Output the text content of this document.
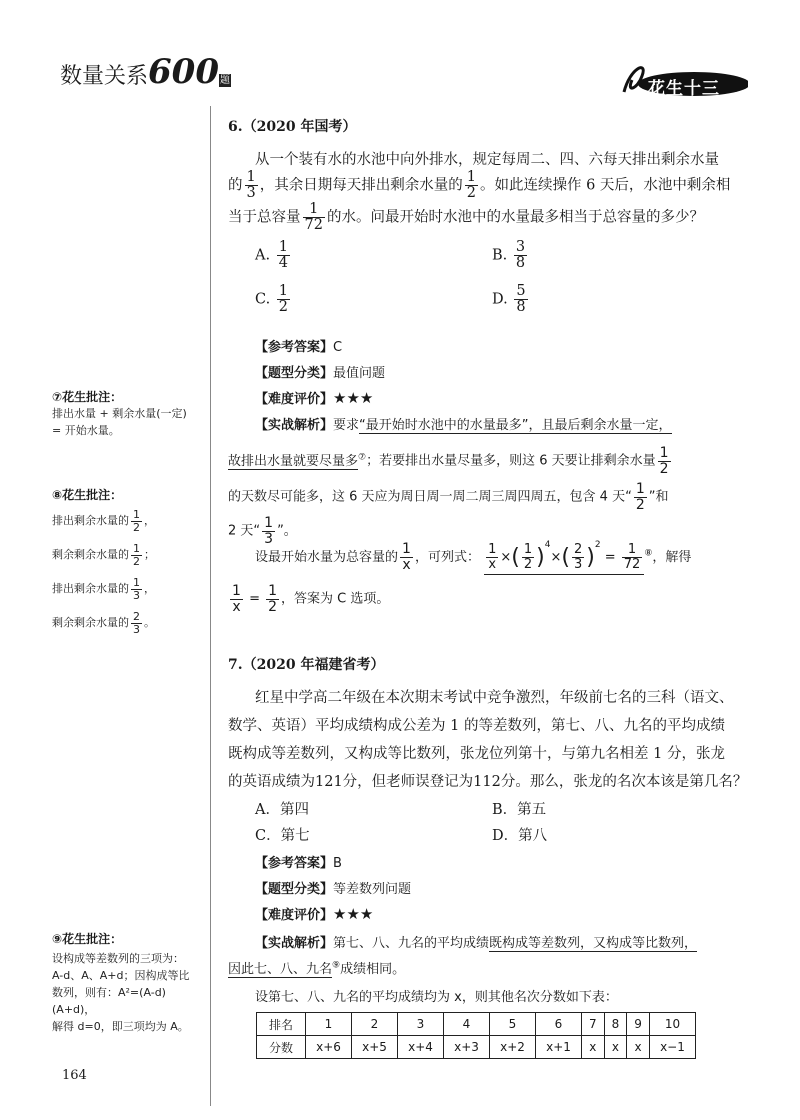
数量关系600题	花生十三
6.（2020 年国考）
从一个装有水的水池中向外排水，规定每周二、四、六每天排出剩余水量
的 $\frac{1}{3}$ ，其余日期每天排出剩余水量的 $\frac{1}{2}$ 。如此连续操作 6 天后，水池中剩余相
当于总容量 $\frac{1}{72}$ 的水。问最开始时水池中的水量最多相当于总容量的多少？
A. $\frac{1}{4}$	B. $\frac{3}{8}$
C. $\frac{1}{2}$	D. $\frac{5}{8}$
【参考答案】C
【题型分类】最值问题
【难度评价】★★★
【实战解析】要求“最开始时水池中的水量最多”，且最后剩余水量一定，
故排出水量就要尽量多⑦；若要排出水量尽量多，则这 6 天要让排剩余水量 $\frac{1}{2}$
的天数尽可能多，这 6 天应为周日周一周二周三周四周五，包含 4 天“ $\frac{1}{2}$ ”和
2 天“ $\frac{1}{3}$ ”。
设最开始水量为总容量的 $\frac{1}{x}$ ，可列式： $\frac{1}{x}$ ×( $\frac{1}{2} )^4\times( \frac{2}{3} )^2 = \frac{1}{72} ^⑧$，解得
$\frac{1}{x} = \frac{1}{2}$ ，答案为 C 选项。
⑦花生批注：
排出水量 + 剩余水量(一定)
= 开始水量。
⑧花生批注：
排出剩余水量的 $\frac{1}{2}$ ，
剩余剩余水量的 $\frac{1}{2}$ ；
排出剩余水量的 $\frac{1}{3}$ ，
剩余剩余水量的 $\frac{2}{3}$ 。
⑨花生批注：
设构成等差数列的三项为：
A-d、A、A+d；因构成等比
数列，则有：A²=(A-d)(A+d)，
解得 d=0，即三项均为 A。
7.（2020 年福建省考）
红星中学高二年级在本次期末考试中竞争激烈，年级前七名的三科（语文、
数学、英语）平均成绩构成公差为 1 的等差数列，第七、八、九名的平均成绩
既构成等差数列，又构成等比数列，张龙位列第十，与第九名相差 1 分，张龙
的英语成绩为121分，但老师误登记为112分。那么，张龙的名次本该是第几名？
A．第四	B．第五
C．第七	D．第八
【参考答案】B
【题型分类】等差数列问题
【难度评价】★★★
【实战解析】第七、八、九名的平均成绩既构成等差数列，又构成等比数列，
因此七、八、九名⑨成绩相同。
设第七、八、九名的平均成绩均为 x，则其他名次分数如下表：
排名	1	2	3	4	5	6	7	8	9	10
分数	x+6	x+5	x+4	x+3	x+2	x+1	x	x	x	x−1
164
